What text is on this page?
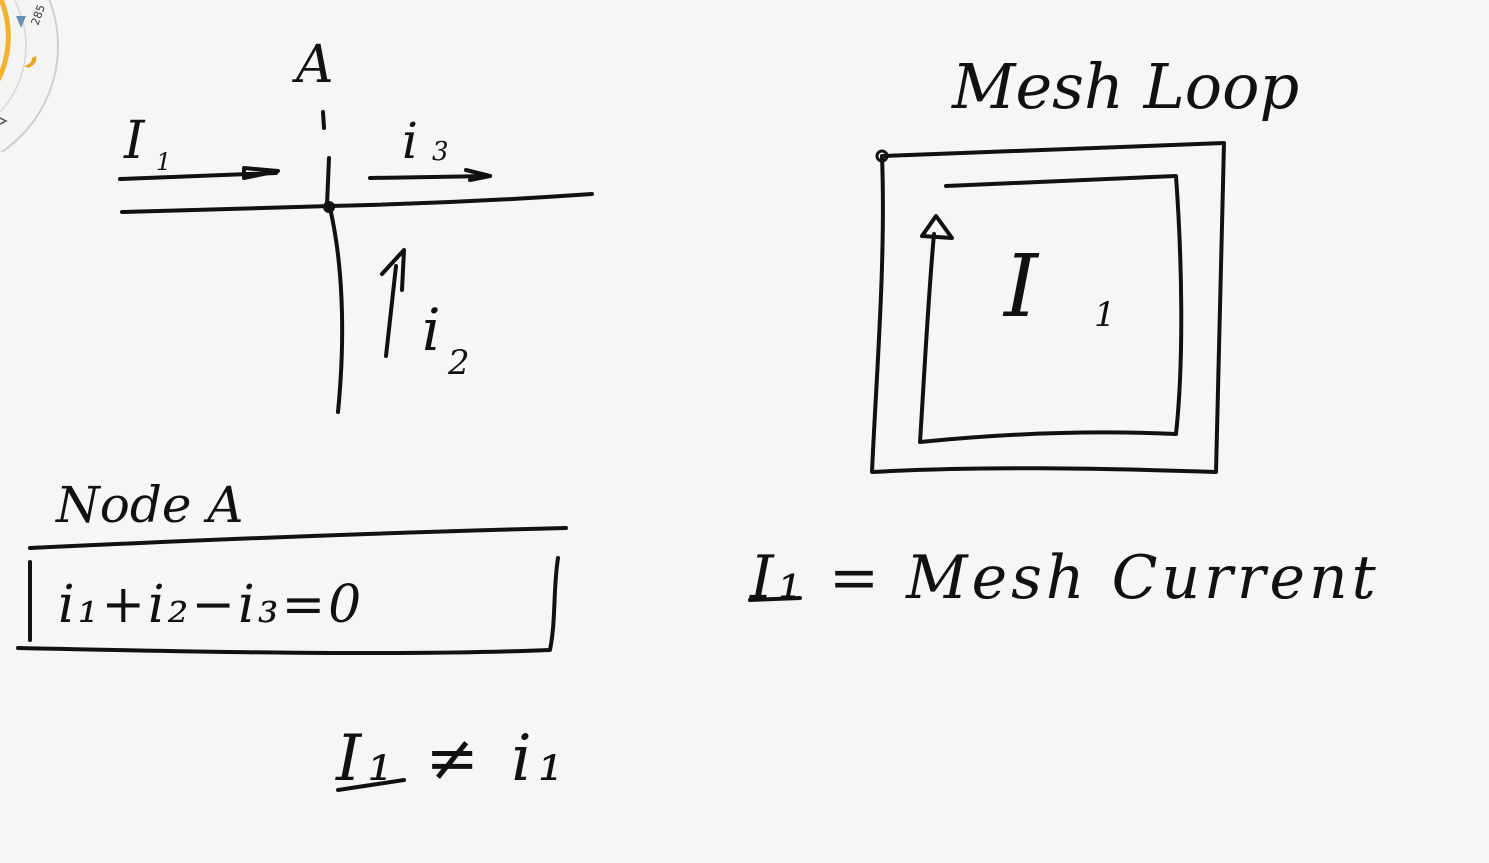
285
A
I 1	i 3
i 2
Node A
i₁+i₂−i₃=0
I₁ ≠ i₁
Mesh Loop
I 1
I₁ = Mesh Current
